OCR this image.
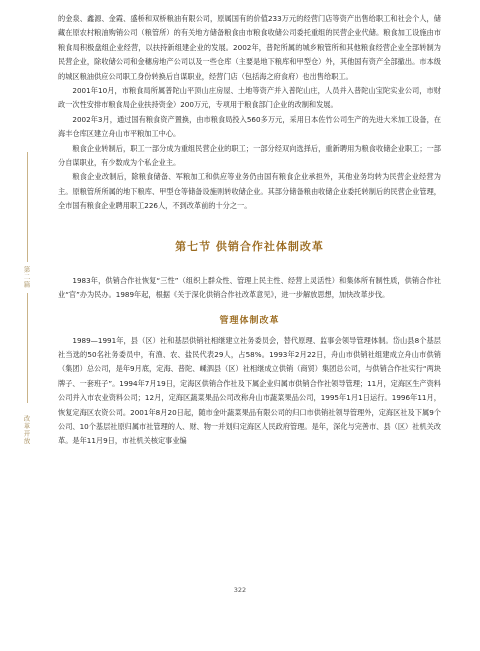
第二篇
改革开放

的金泉、鑫源、金霞、盛桥和双桥粮油有限公司，原属国有的价值233万元的经营门店等资产出售给职工和社会个人，储藏在原农村粮油购销公司（粮管所）的有关地方储备粮食由市粮食收储公司委托重组的民营企业代储。粮食加工设施由市粮食局积极盘组企业经营，以扶持新组建企业的发展。2002年，普陀所属的城乡粮管所和其他粮食经营企业全部转制为民营企业，除收储公司和金穗房地产公司以及一些仓库（主要是地下粮库和甲型仓）外，其他国有资产全部撤出。市本级的城区粮油供应公司职工身份转换后自谋职业，经营门店（包括海之府食府）也出售给职工。

2001年10月，市粮食局所属普陀山平顶山庄房屋、土地等资产并入普陀山庄，人员并入普陀山宝陀实业公司，市财政一次性安排市粮食局企业扶持资金）200万元，专项用于粮食部门企业的改制和发展。

2002年3月，通过国有粮食资产置换，由市粮食局投入560多万元，采用日本佐竹公司生产的先进大米加工设备，在海丰仓库区建立舟山市平粮加工中心。

粮食企业转制后，职工一部分成为重组民营企业的职工；一部分经双向选择后，重新聘用为粮食收储企业职工；一部分自谋职业，有少数成为个私企业主。

粮食企业改制后，除粮食储备、军粮加工和供应等业务仍由国有粮食企业承担外，其他业务均转为民营企业经营为主。原粮管所所属的地下粮库、甲型仓等储备设施则转收储企业。其部分储备粮由收储企业委托转制后的民营企业管理，全市国有粮食企业聘用职工226人，不到改革前的十分之一。

第七节 供销合作社体制改革

1983年，供销合作社恢复“三性”（组织上群众性、管理上民主性、经营上灵活性）和集体所有制性质，供销合作社业“官”办为民办。1989年起，根据《关于深化供销合作社改革意见》，进一步解放思想，加快改革步伐。

管理体制改革

1989—1991年，县（区）社和基层供销社相继建立社务委员会，替代原理、监事会领导管理体制。岱山县8个基层社当选的50名社务委员中，有渔、农、盐民代表29人，占58%。1993年2月22日，舟山市供销社组建成立舟山市供销（集团）总公司，是年9月底，定海、普陀、嵊泗县（区）社相继成立供销（商贸）集团总公司，与供销合作社实行“两块牌子、一套班子”。1994年7月19日，定海区供销合作社及下属企业归属市供销合作社领导管理；11月，定海区生产资料公司并入市农业资料公司；12月，定海区蔬菜果品公司改称舟山市蔬菜果品公司，1995年1月1日运行。1996年11月，恢复定海区农资公司。2001年8月20日起，随市金叶蔬菜果品有限公司的归口市供销社领导管理外，定海区社及下属9个公司、10个基层社原归属市社管理的人、财、物一并划归定海区人民政府管理。是年，深化与完善市、县（区）社机关改革。是年11月9日，市社机关核定事业编

322
